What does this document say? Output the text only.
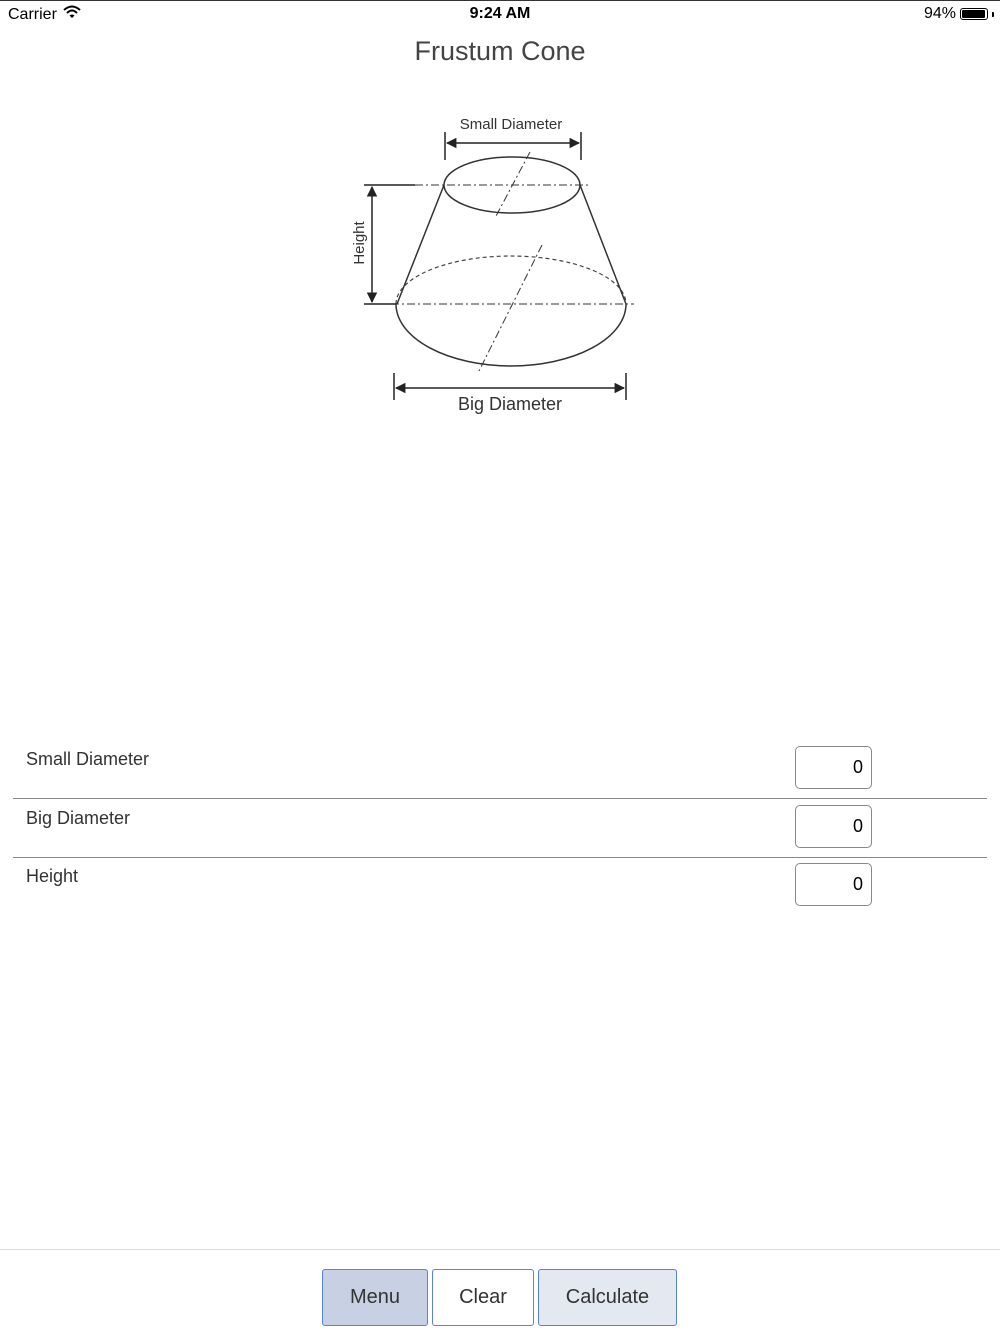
Carrier	9:24 AM	94%
Frustum Cone
Small Diameter
Height
Big Diameter
Small Diameter
0
Big Diameter
0
Height
0
Menu	Clear	Calculate
